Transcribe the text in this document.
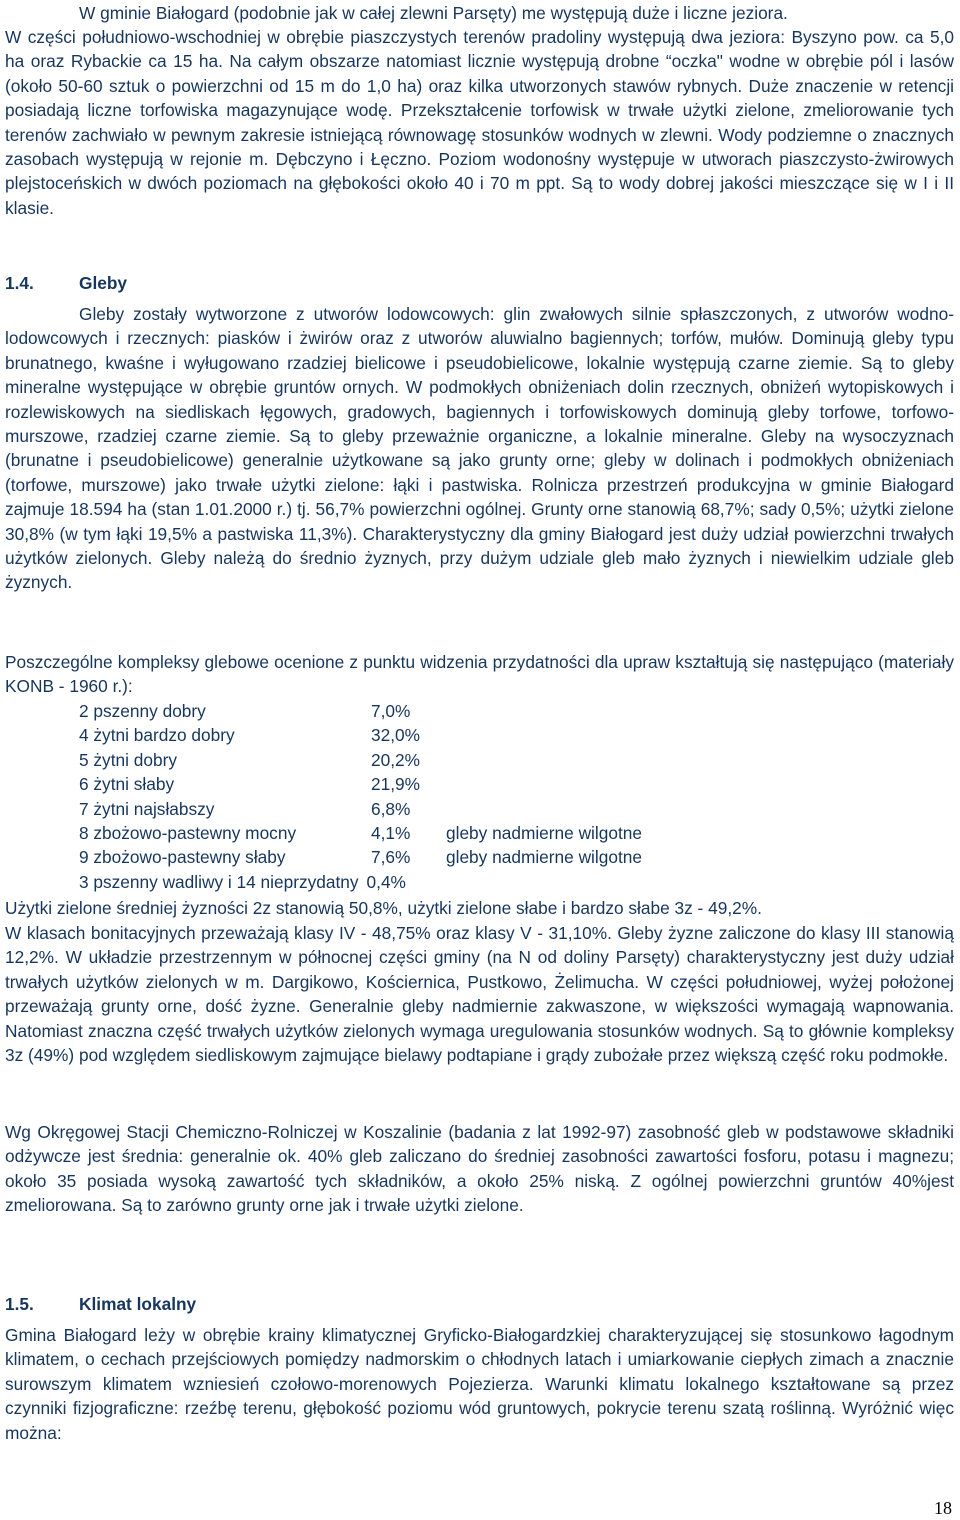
W gminie Białogard (podobnie jak w całej zlewni Parsęty) me występują duże i liczne jeziora.

W części południowo-wschodniej w obrębie piaszczystych terenów pradoliny występują dwa jeziora: Byszyno pow. ca 5,0 ha oraz Rybackie ca 15 ha. Na całym obszarze natomiast licznie występują drobne “oczka" wodne w obrębie pól i lasów (około 50-60 sztuk o powierzchni od 15 m do 1,0 ha) oraz kilka utworzonych stawów rybnych. Duże znaczenie w retencji posiadają liczne torfowiska magazynujące wodę. Przekształcenie torfowisk w trwałe użytki zielone, zmeliorowanie tych terenów zachwiało w pewnym zakresie istniejącą równowagę stosunków wodnych w zlewni. Wody podziemne o znacznych zasobach występują w rejonie m. Dębczyno i Łęczno. Poziom wodonośny występuje w utworach piaszczysto-żwirowych plejstoceńskich w dwóch poziomach na głębokości około 40 i 70 m ppt. Są to wody dobrej jakości mieszczące się w I i II klasie.

1.4.	Gleby

Gleby zostały wytworzone z utworów lodowcowych: glin zwałowych silnie spłaszczonych, z utworów wodno-lodowcowych i rzecznych: piasków i żwirów oraz z utworów aluwialno bagiennych; torfów, mułów. Dominują gleby typu brunatnego, kwaśne i wyługowano rzadziej bielicowe i pseudobielicowe, lokalnie występują czarne ziemie. Są to gleby mineralne występujące w obrębie gruntów ornych. W podmokłych obniżeniach dolin rzecznych, obniżeń wytopiskowych i rozlewiskowych na siedliskach łęgowych, gradowych, bagiennych i torfowiskowych dominują gleby torfowe, torfowo-murszowe, rzadziej czarne ziemie. Są to gleby przeważnie organiczne, a lokalnie mineralne. Gleby na wysoczyznach (brunatne i pseudobielicowe) generalnie użytkowane są jako grunty orne; gleby w dolinach i podmokłych obniżeniach (torfowe, murszowe) jako trwałe użytki zielone: łąki i pastwiska. Rolnicza przestrzeń produkcyjna w gminie Białogard zajmuje 18.594 ha (stan 1.01.2000 r.) tj. 56,7% powierzchni ogólnej. Grunty orne stanowią 68,7%; sady 0,5%; użytki zielone 30,8% (w tym łąki 19,5% a pastwiska 11,3%). Charakterystyczny dla gminy Białogard jest duży udział powierzchni trwałych użytków zielonych. Gleby należą do średnio żyznych, przy dużym udziale gleb mało żyznych i niewielkim udziale gleb żyznych.

Poszczególne kompleksy glebowe ocenione z punktu widzenia przydatności dla upraw kształtują się następująco (materiały KONB - 1960 r.):

2 pszenny dobry	7,0%
4 żytni bardzo dobry	32,0%
5 żytni dobry	20,2%
6 żytni słaby	21,9%
7 żytni najsłabszy	6,8%
8 zbożowo-pastewny mocny	4,1%	gleby nadmierne wilgotne
9 zbożowo-pastewny słaby	7,6%	gleby nadmierne wilgotne
3 pszenny wadliwy i 14 nieprzydatny 0,4%

Użytki zielone średniej żyzności 2z stanowią 50,8%, użytki zielone słabe i bardzo słabe 3z - 49,2%.

W klasach bonitacyjnych przeważają klasy IV - 48,75% oraz klasy V - 31,10%. Gleby żyzne zaliczone do klasy III stanowią 12,2%. W układzie przestrzennym w północnej części gminy (na N od doliny Parsęty) charakterystyczny jest duży udział trwałych użytków zielonych w m. Dargikowo, Kościernica, Pustkowo, Żelimucha. W części południowej, wyżej położonej przeważają grunty orne, dość żyzne. Generalnie gleby nadmiernie zakwaszone, w większości wymagają wapnowania. Natomiast znaczna część trwałych użytków zielonych wymaga uregulowania stosunków wodnych. Są to głównie kompleksy 3z (49%) pod względem siedliskowym zajmujące bielawy podtapiane i grądy zubożałe przez większą część roku podmokłe.

Wg Okręgowej Stacji Chemiczno-Rolniczej w Koszalinie (badania z lat 1992-97) zasobność gleb w podstawowe składniki odżywcze jest średnia: generalnie ok. 40% gleb zaliczano do średniej zasobności zawartości fosforu, potasu i magnezu; około 35 posiada wysoką zawartość tych składników, a około 25% niską. Z ogólnej powierzchni gruntów 40%jest zmeliorowana. Są to zarówno grunty orne jak i trwałe użytki zielone.

1.5.	Klimat lokalny

Gmina Białogard leży w obrębie krainy klimatycznej Gryficko-Białogardzkiej charakteryzującej się stosunkowo łagodnym klimatem, o cechach przejściowych pomiędzy nadmorskim o chłodnych latach i umiarkowanie ciepłych zimach a znacznie surowszym klimatem wzniesień czołowo-morenowych Pojezierza. Warunki klimatu lokalnego kształtowane są przez czynniki fizjograficzne: rzeźbę terenu, głębokość poziomu wód gruntowych, pokrycie terenu szatą roślinną. Wyróżnić więc można:

18
